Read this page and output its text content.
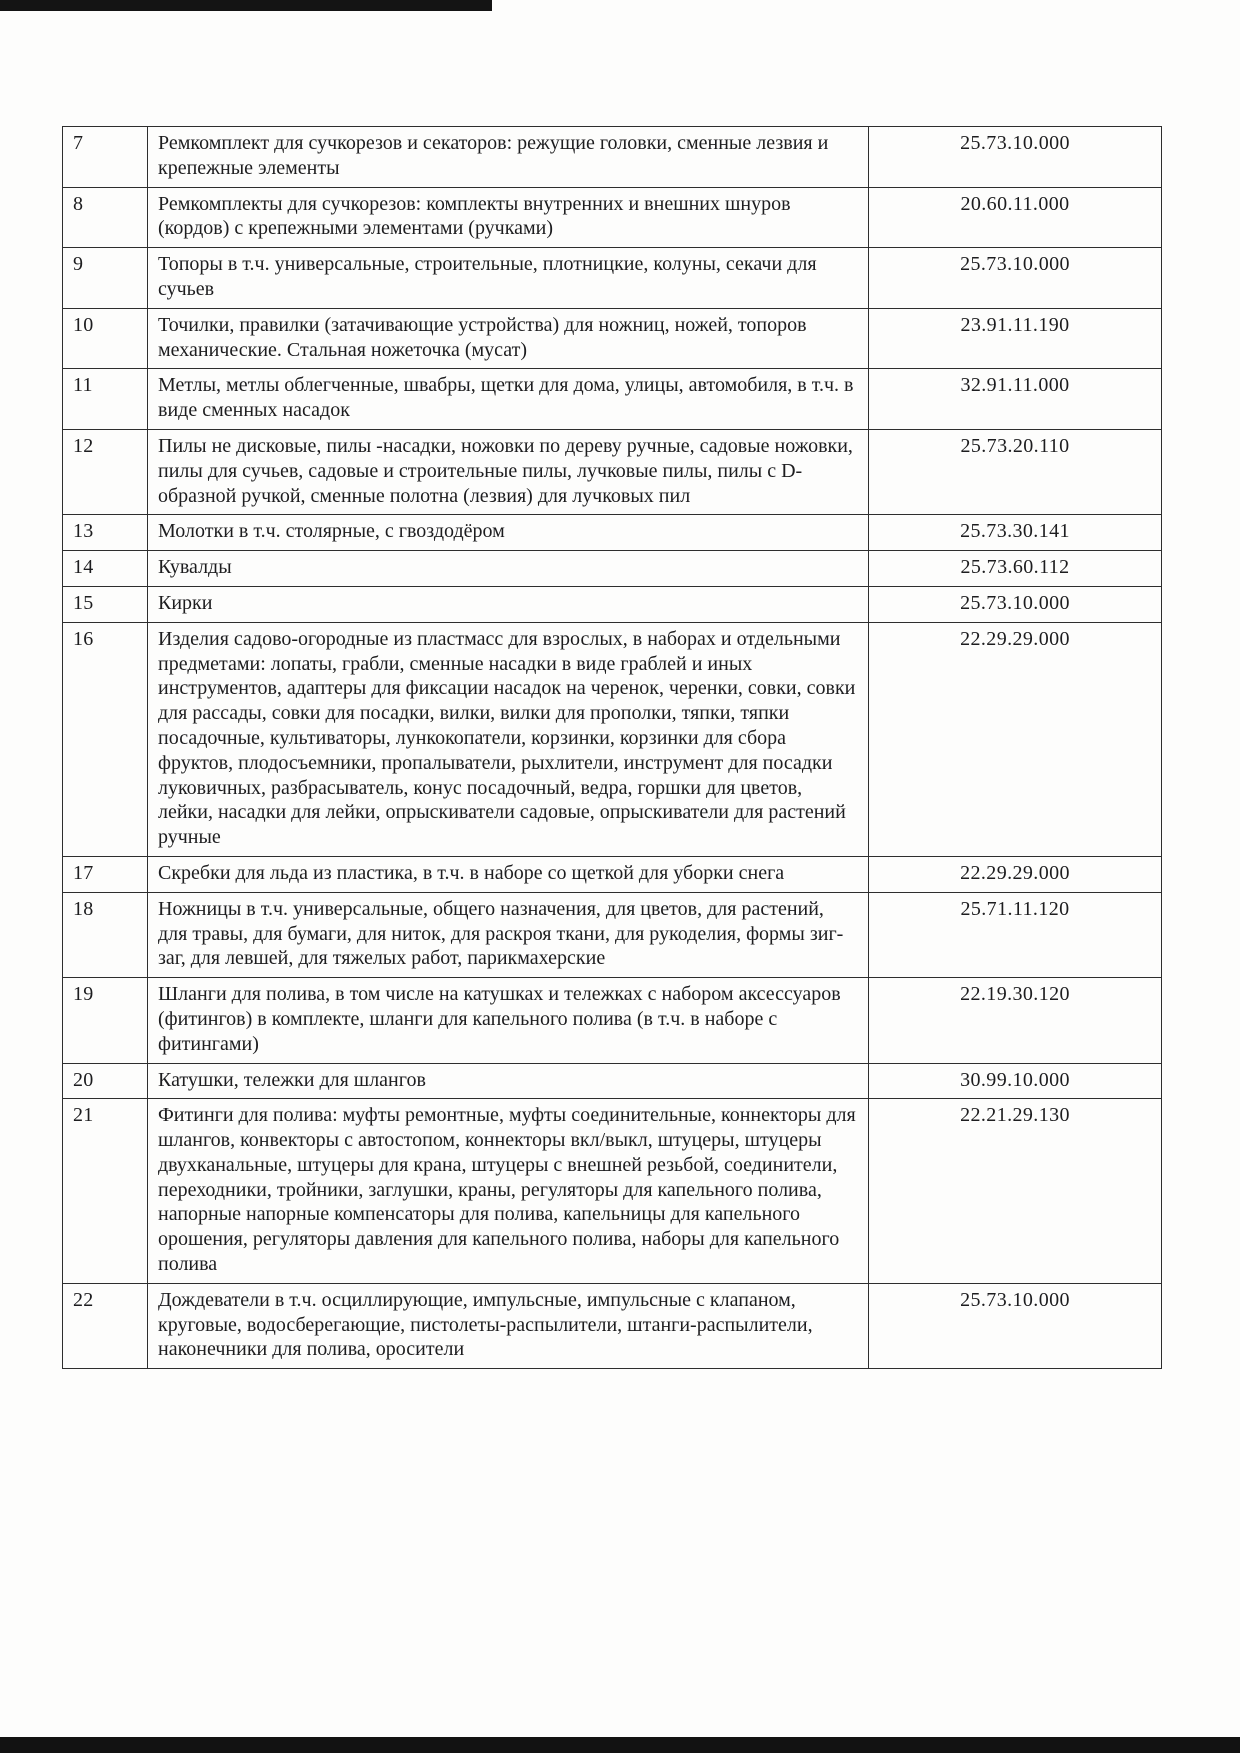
7	Ремкомплект для сучкорезов и секаторов: режущие головки, сменные лезвия и крепежные элементы	25.73.10.000
8	Ремкомплекты для сучкорезов: комплекты внутренних и внешних шнуров (кордов) с крепежными элементами (ручками)	20.60.11.000
9	Топоры в т.ч. универсальные, строительные, плотницкие, колуны, секачи для сучьев	25.73.10.000
10	Точилки, правилки (затачивающие устройства) для ножниц, ножей, топоров механические. Стальная ножеточка (мусат)	23.91.11.190
11	Метлы, метлы облегченные, швабры, щетки для дома, улицы, автомобиля, в т.ч. в виде сменных насадок	32.91.11.000
12	Пилы не дисковые, пилы -насадки, ножовки по дереву ручные, садовые ножовки, пилы для сучьев, садовые и строительные пилы, лучковые пилы, пилы с D-образной ручкой, сменные полотна (лезвия) для лучковых пил	25.73.20.110
13	Молотки в т.ч. столярные, с гвоздодёром	25.73.30.141
14	Кувалды	25.73.60.112
15	Кирки	25.73.10.000
16	Изделия садово-огородные из пластмасс для взрослых, в наборах и отдельными предметами: лопаты, грабли, сменные насадки в виде граблей и иных инструментов, адаптеры для фиксации насадок на черенок, черенки, совки, совки для рассады, совки для посадки, вилки, вилки для прополки, тяпки, тяпки посадочные, культиваторы, лункокопатели, корзинки, корзинки для сбора фруктов, плодосъемники, пропалыватели, рыхлители, инструмент для посадки луковичных, разбрасыватель, конус посадочный, ведра, горшки для цветов, лейки, насадки для лейки, опрыскиватели садовые, опрыскиватели для растений ручные	22.29.29.000
17	Скребки для льда из пластика, в т.ч. в наборе со щеткой для уборки снега	22.29.29.000
18	Ножницы в т.ч. универсальные, общего назначения, для цветов, для растений, для травы, для бумаги, для ниток, для раскроя ткани, для рукоделия, формы зиг-заг, для левшей, для тяжелых работ, парикмахерские	25.71.11.120
19	Шланги для полива, в том числе на катушках и тележках с набором аксессуаров (фитингов) в комплекте, шланги для капельного полива (в т.ч. в наборе с фитингами)	22.19.30.120
20	Катушки, тележки для шлангов	30.99.10.000
21	Фитинги для полива: муфты ремонтные, муфты соединительные, коннекторы для шлангов, конвекторы с автостопом, коннекторы вкл/выкл, штуцеры, штуцеры двухканальные, штуцеры для крана, штуцеры с внешней резьбой, соединители, переходники, тройники, заглушки, краны, регуляторы для капельного полива, напорные напорные компенсаторы для полива, капельницы для капельного орошения, регуляторы давления для капельного полива, наборы для капельного полива	22.21.29.130
22	Дождеватели в т.ч. осциллирующие, импульсные, импульсные с клапаном, круговые, водосберегающие, пистолеты-распылители, штанги-распылители, наконечники для полива, оросители	25.73.10.000
